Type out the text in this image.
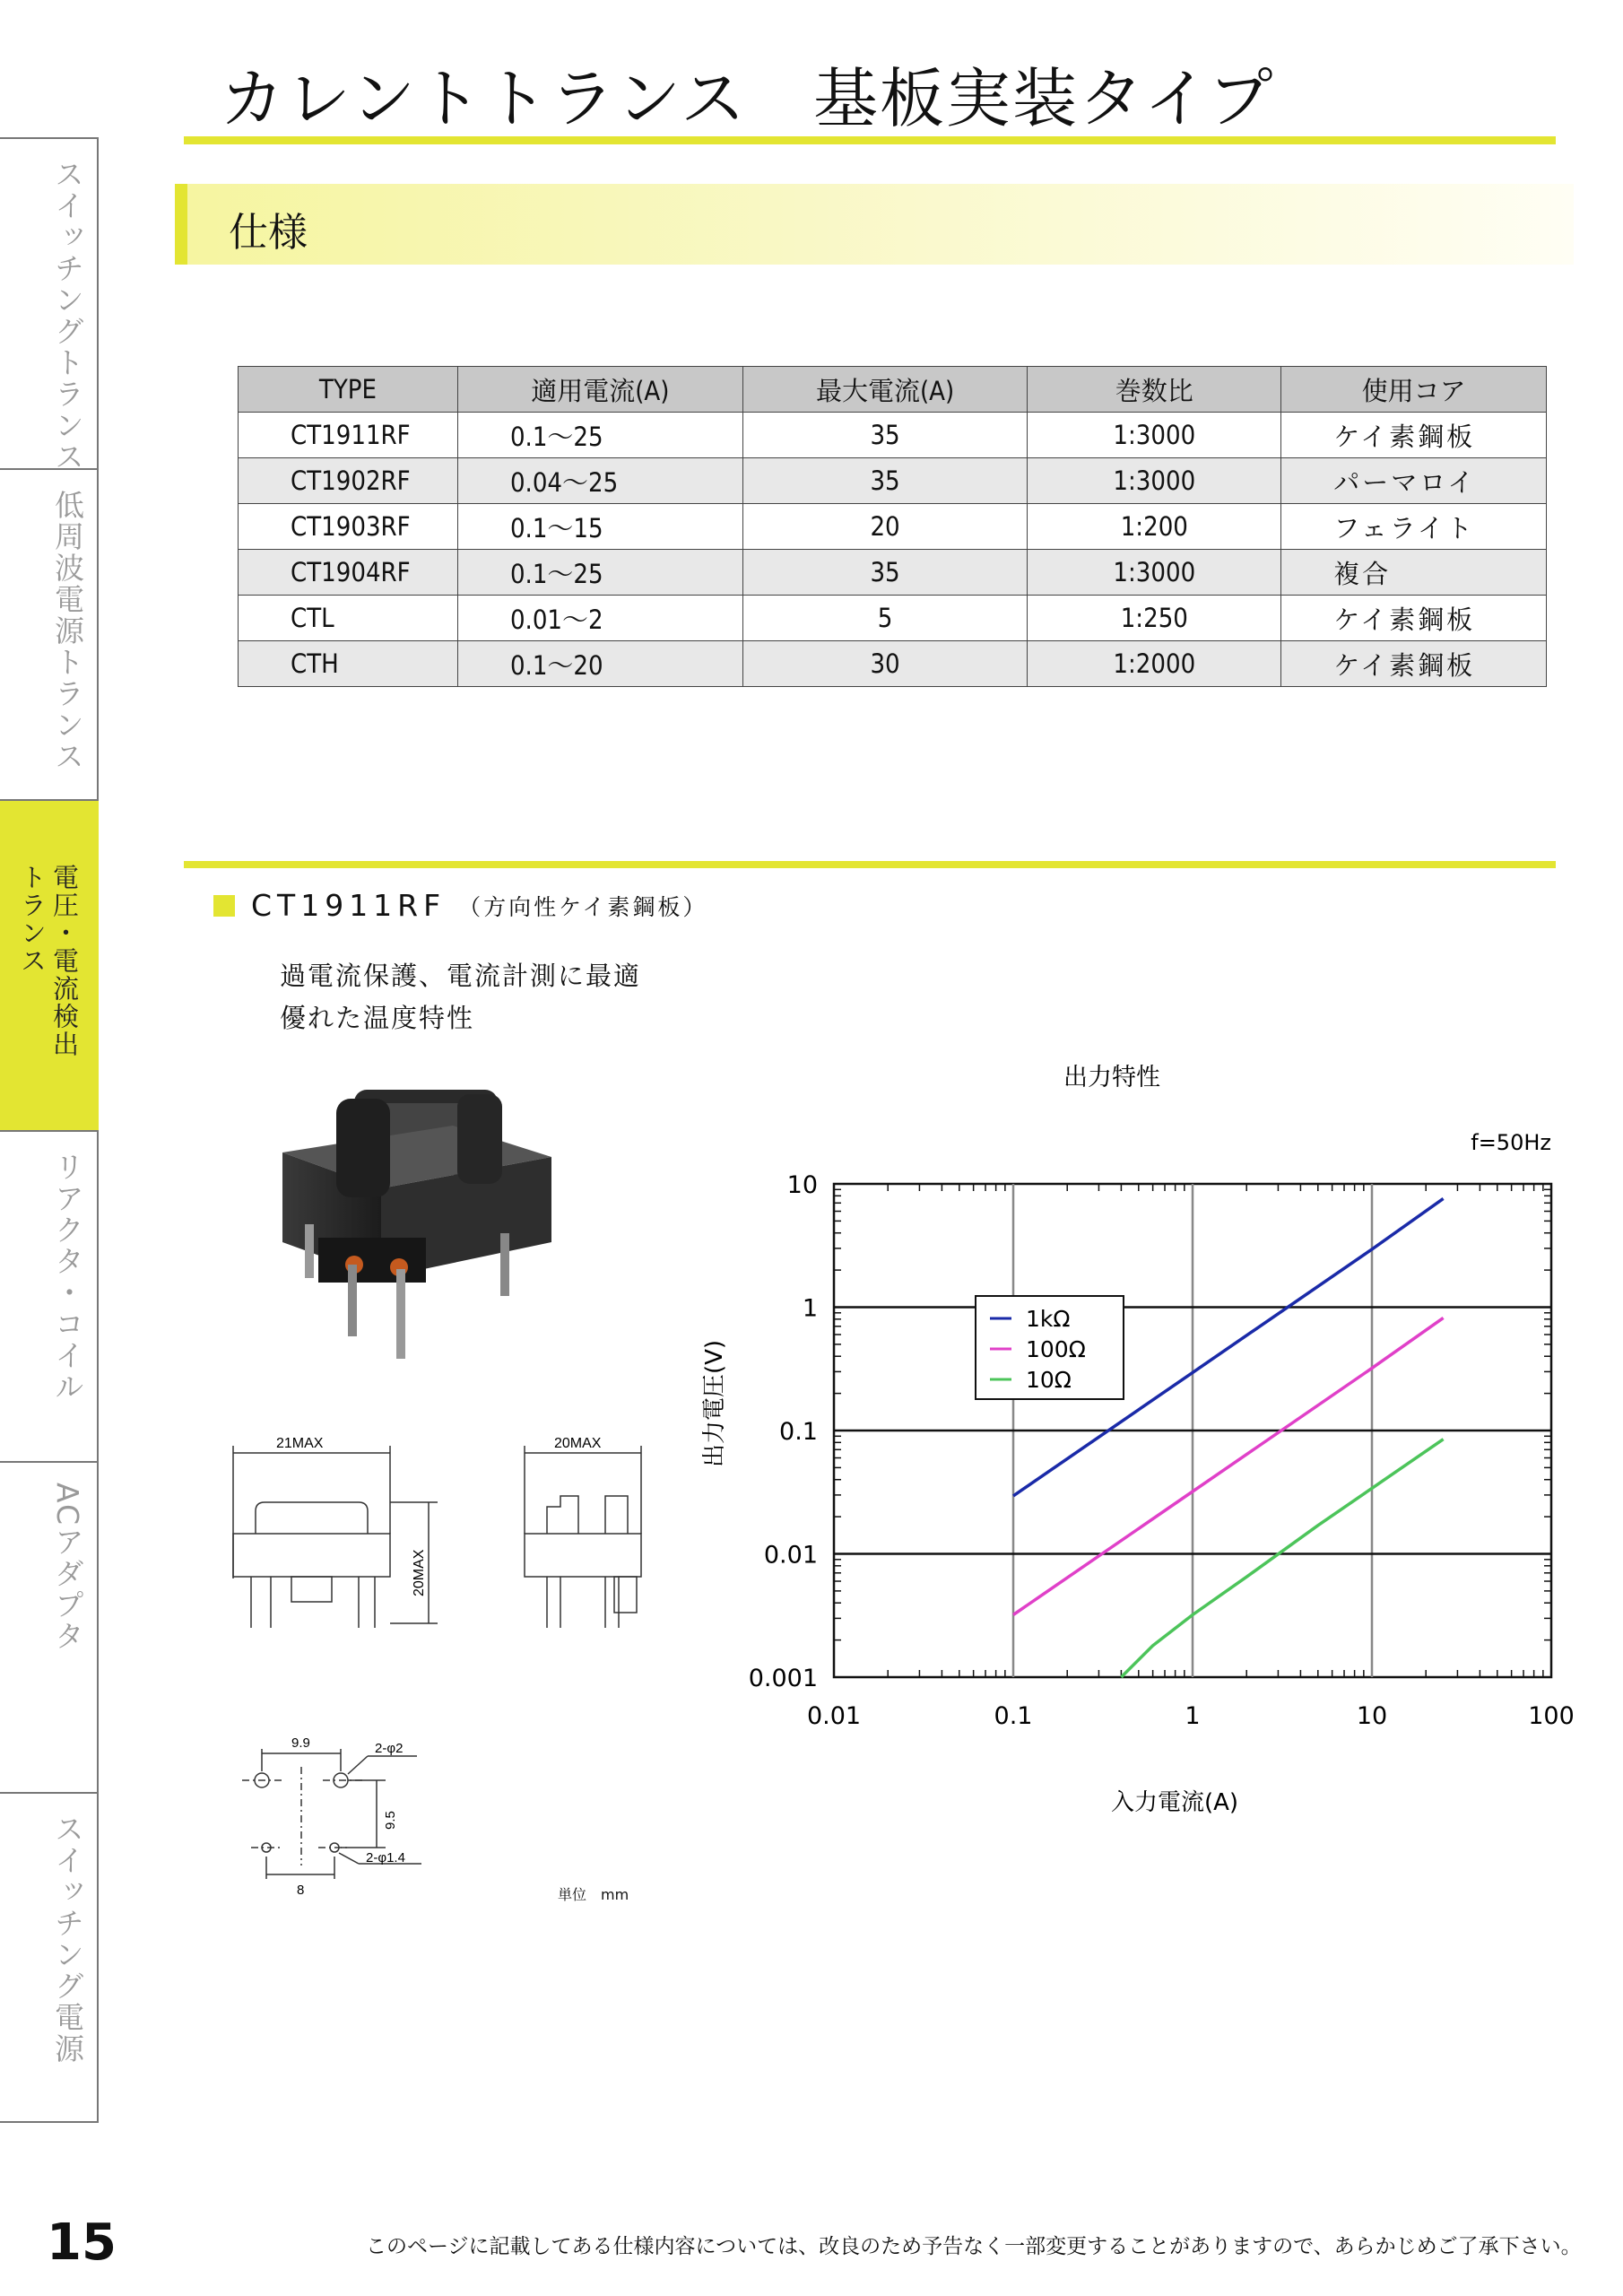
カレントトランス　基板実装タイプ
仕様
スイッチングトランス
低周波電源トランス
電圧・電流検出
トランス
リアクタ・コイル
ACアダプタ
スイッチング電源
TYPE	適用電流(A)	最大電流(A)	巻数比	使用コア
CT1911RF	0.1～25	35	1:3000	ケイ素鋼板
CT1902RF	0.04～25	35	1:3000	パーマロイ
CT1903RF	0.1～15	20	1:200	フェライト
CT1904RF	0.1～25	35	1:3000	複合
CTL	0.01～2	5	1:250	ケイ素鋼板
CTH	0.1～20	30	1:2000	ケイ素鋼板
CT1911RF （方向性ケイ素鋼板）
過電流保護、電流計測に最適
優れた温度特性
21MAX	20MAX
20MAX
9.9	2-φ2
9.5
2-φ1.4
8	単位　mm
出力特性
f=50Hz
0.01	0.1	1	10	100
0.001
0.01
0.1
1
10
1kΩ
100Ω
10Ω
入力電流(A)
出力電圧(V)
15	このページに記載してある仕様内容については、改良のため予告なく一部変更することがありますので、あらかじめご了承下さい。
